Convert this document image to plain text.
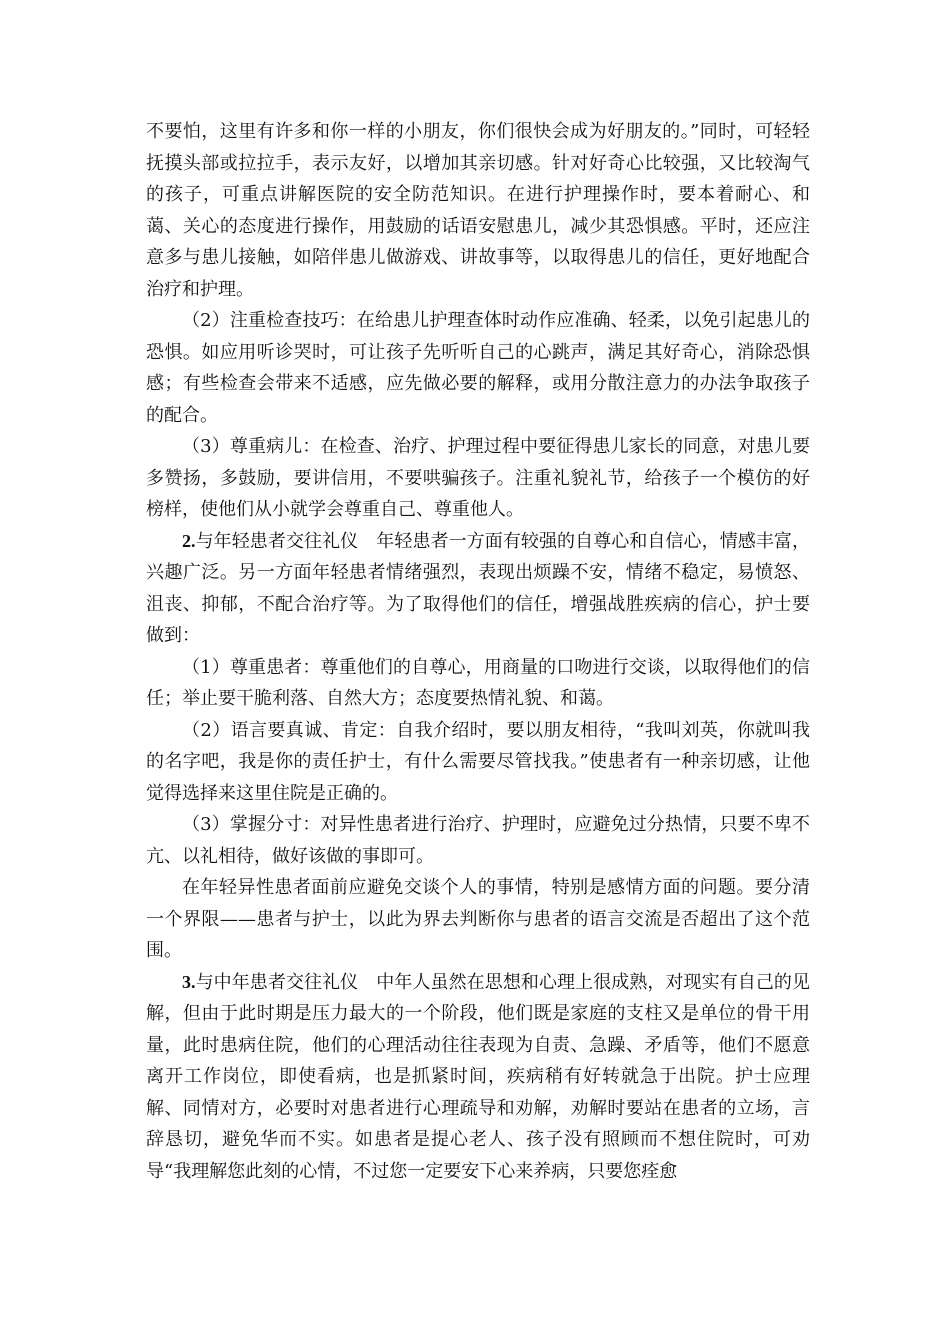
不要怕，这里有许多和你一样的小朋友，你们很快会成为好朋友的。”同时，可轻轻抚摸头部或拉拉手，表示友好，以增加其亲切感。针对好奇心比较强，又比较淘气的孩子，可重点讲解医院的安全防范知识。在进行护理操作时，要本着耐心、和蔼、关心的态度进行操作，用鼓励的话语安慰患儿，减少其恐惧感。平时，还应注意多与患儿接触，如陪伴患儿做游戏、讲故事等，以取得患儿的信任，更好地配合治疗和护理。

（2）注重检查技巧：在给患儿护理查体时动作应准确、轻柔，以免引起患儿的恐惧。如应用听诊哭时，可让孩子先听听自己的心跳声，满足其好奇心，消除恐惧感；有些检查会带来不适感，应先做必要的解释，或用分散注意力的办法争取孩子的配合。

（3）尊重病儿：在检查、治疗、护理过程中要征得患儿家长的同意，对患儿要多赞扬，多鼓励，要讲信用，不要哄骗孩子。注重礼貌礼节，给孩子一个模仿的好榜样，使他们从小就学会尊重自己、尊重他人。

2.与年轻患者交往礼仪　年轻患者一方面有较强的自尊心和自信心，情感丰富，兴趣广泛。另一方面年轻患者情绪强烈，表现出烦躁不安，情绪不稳定，易愤怒、沮丧、抑郁，不配合治疗等。为了取得他们的信任，增强战胜疾病的信心，护士要做到：

（1）尊重患者：尊重他们的自尊心，用商量的口吻进行交谈，以取得他们的信任；举止要干脆利落、自然大方；态度要热情礼貌、和蔼。

（2）语言要真诚、肯定：自我介绍时，要以朋友相待，“我叫刘英，你就叫我的名字吧，我是你的责任护士，有什么需要尽管找我。”使患者有一种亲切感，让他觉得选择来这里住院是正确的。

（3）掌握分寸：对异性患者进行治疗、护理时，应避免过分热情，只要不卑不亢、以礼相待，做好该做的事即可。

在年轻异性患者面前应避免交谈个人的事情，特别是感情方面的问题。要分清一个界限——患者与护士，以此为界去判断你与患者的语言交流是否超出了这个范围。

3.与中年患者交往礼仪　中年人虽然在思想和心理上很成熟，对现实有自己的见解，但由于此时期是压力最大的一个阶段，他们既是家庭的支柱又是单位的骨干用量，此时患病住院，他们的心理活动往往表现为自责、急躁、矛盾等，他们不愿意离开工作岗位，即使看病，也是抓紧时间，疾病稍有好转就急于出院。护士应理解、同情对方，必要时对患者进行心理疏导和劝解，劝解时要站在患者的立场，言辞恳切，避免华而不实。如患者是提心老人、孩子没有照顾而不想住院时，可劝导“我理解您此刻的心情，不过您一定要安下心来养病，只要您痊愈
